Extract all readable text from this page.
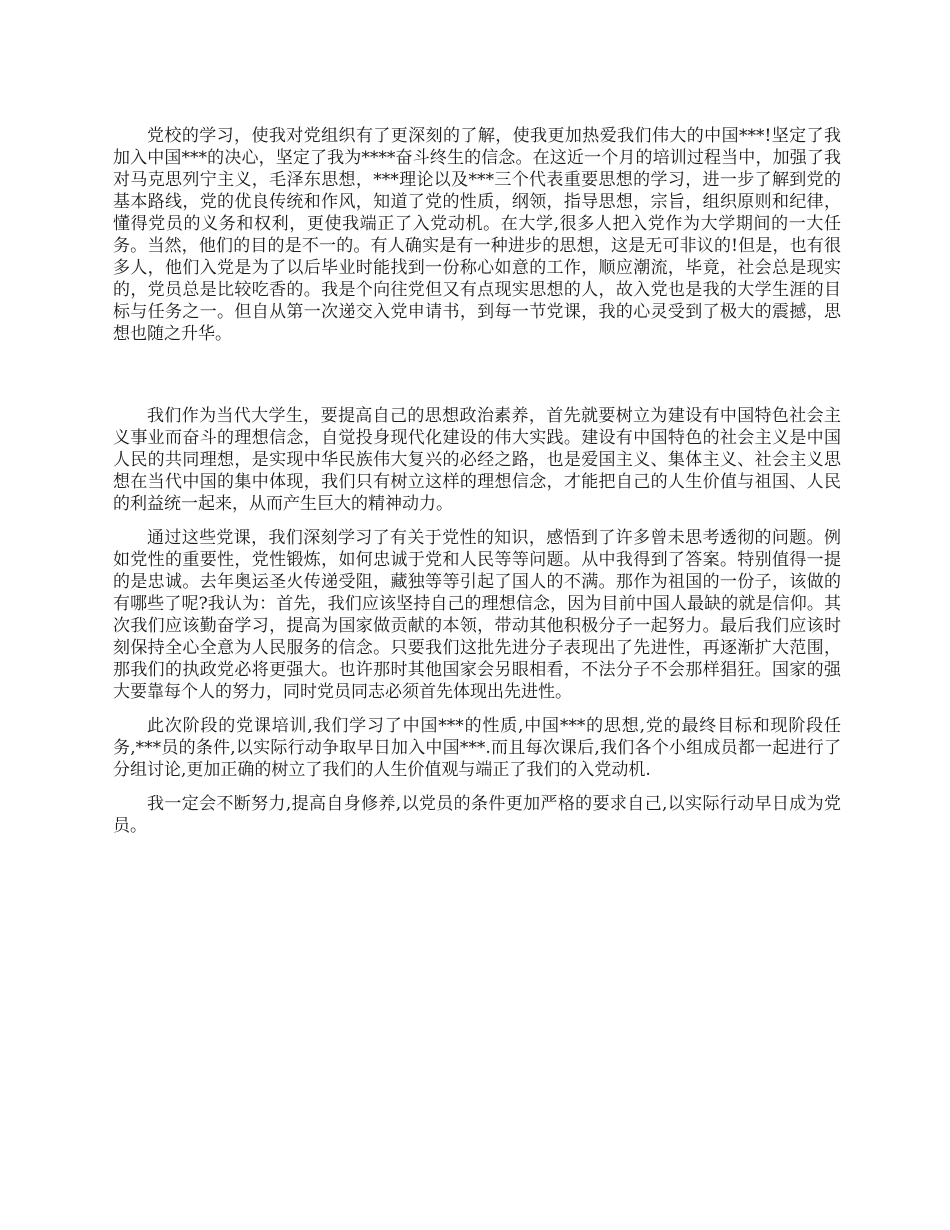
党校的学习，使我对党组织有了更深刻的了解，使我更加热爱我们伟大的中国***!坚定了我加入中国***的决心，坚定了我为****奋斗终生的信念。在这近一个月的培训过程当中，加强了我对马克思列宁主义，毛泽东思想，***理论以及***三个代表重要思想的学习，进一步了解到党的基本路线，党的优良传统和作风，知道了党的性质，纲领，指导思想，宗旨，组织原则和纪律，懂得党员的义务和权利，更使我端正了入党动机。在大学,很多人把入党作为大学期间的一大任务。当然，他们的目的是不一的。有人确实是有一种进步的思想，这是无可非议的!但是，也有很多人，他们入党是为了以后毕业时能找到一份称心如意的工作，顺应潮流，毕竟，社会总是现实的，党员总是比较吃香的。我是个向往党但又有点现实思想的人，故入党也是我的大学生涯的目标与任务之一。但自从第一次递交入党申请书，到每一节党课，我的心灵受到了极大的震撼，思想也随之升华。

我们作为当代大学生，要提高自己的思想政治素养，首先就要树立为建设有中国特色社会主义事业而奋斗的理想信念，自觉投身现代化建设的伟大实践。建设有中国特色的社会主义是中国人民的共同理想，是实现中华民族伟大复兴的必经之路，也是爱国主义、集体主义、社会主义思想在当代中国的集中体现，我们只有树立这样的理想信念，才能把自己的人生价值与祖国、人民的利益统一起来，从而产生巨大的精神动力。

通过这些党课，我们深刻学习了有关于党性的知识，感悟到了许多曾未思考透彻的问题。例如党性的重要性，党性锻炼，如何忠诚于党和人民等等问题。从中我得到了答案。特别值得一提的是忠诚。去年奥运圣火传递受阻，藏独等等引起了国人的不满。那作为祖国的一份子，该做的有哪些了呢?我认为：首先，我们应该坚持自己的理想信念，因为目前中国人最缺的就是信仰。其次我们应该勤奋学习，提高为国家做贡献的本领，带动其他积极分子一起努力。最后我们应该时刻保持全心全意为人民服务的信念。只要我们这批先进分子表现出了先进性，再逐渐扩大范围，那我们的执政党必将更强大。也许那时其他国家会另眼相看，不法分子不会那样猖狂。国家的强大要靠每个人的努力，同时党员同志必须首先体现出先进性。

此次阶段的党课培训,我们学习了中国***的性质,中国***的思想,党的最终目标和现阶段任务,***员的条件,以实际行动争取早日加入中国***.而且每次课后,我们各个小组成员都一起进行了分组讨论,更加正确的树立了我们的人生价值观与端正了我们的入党动机.

我一定会不断努力,提高自身修养,以党员的条件更加严格的要求自己,以实际行动早日成为党员。
